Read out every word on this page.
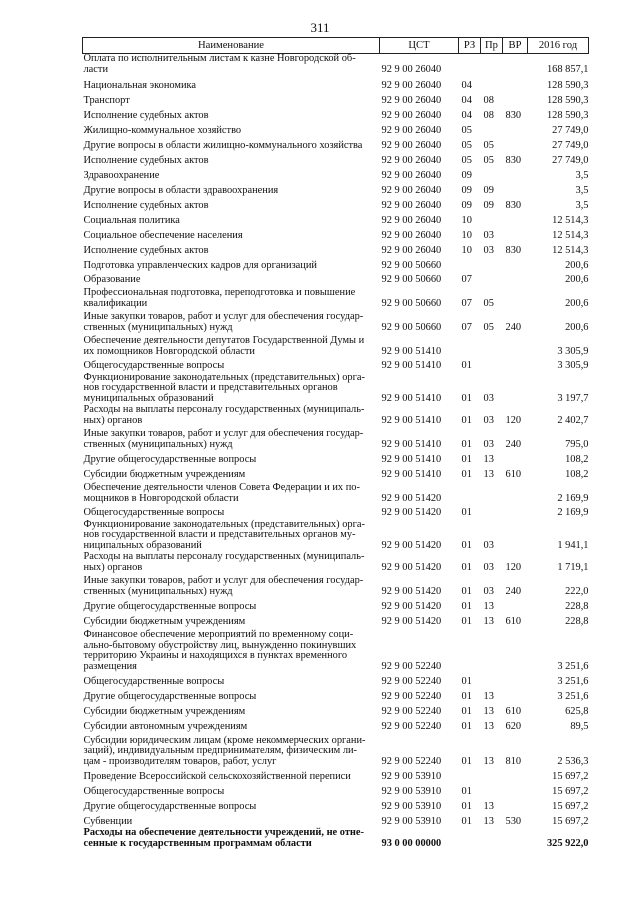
311
Наименование	ЦСТ	РЗ	Пр	ВР	2016 год

Оплата по исполнительным листам к казне Новгородской об-
ласти	92 9 00 26040				168 857,1

Национальная экономика	92 9 00 26040	04			128 590,3

Транспорт	92 9 00 26040	04	08		128 590,3

Исполнение судебных актов	92 9 00 26040	04	08	830	128 590,3

Жилищно-коммунальное хозяйство	92 9 00 26040	05			27 749,0

Другие вопросы в области жилищно-коммунального хозяйства	92 9 00 26040	05	05		27 749,0

Исполнение судебных актов	92 9 00 26040	05	05	830	27 749,0

Здравоохранение	92 9 00 26040	09			3,5

Другие вопросы в области здравоохранения	92 9 00 26040	09	09		3,5

Исполнение судебных актов	92 9 00 26040	09	09	830	3,5

Социальная политика	92 9 00 26040	10			12 514,3

Социальное обеспечение населения	92 9 00 26040	10	03		12 514,3

Исполнение судебных актов	92 9 00 26040	10	03	830	12 514,3

Подготовка управленческих кадров для организаций	92 9 00 50660				200,6

Образование	92 9 00 50660	07			200,6

Профессиональная подготовка, переподготовка и повышение
квалификации	92 9 00 50660	07	05		200,6

Иные закупки товаров, работ и услуг для обеспечения государ-
ственных (муниципальных) нужд	92 9 00 50660	07	05	240	200,6

Обеспечение деятельности депутатов Государственной Думы и
их помощников Новгородской области	92 9 00 51410				3 305,9

Общегосударственные вопросы	92 9 00 51410	01			3 305,9

Функционирование законодательных (представительных) орга-
нов государственной власти и представительных органов
муниципальных образований	92 9 00 51410	01	03		3 197,7

Расходы на выплаты персоналу государственных (муниципаль-
ных) органов	92 9 00 51410	01	03	120	2 402,7

Иные закупки товаров, работ и услуг для обеспечения государ-
ственных (муниципальных) нужд	92 9 00 51410	01	03	240	795,0

Другие общегосударственные вопросы	92 9 00 51410	01	13		108,2

Субсидии бюджетным учреждениям	92 9 00 51410	01	13	610	108,2

Обеспечение деятельности членов Совета Федерации и их по-
мощников в Новгородской области	92 9 00 51420				2 169,9

Общегосударственные вопросы	92 9 00 51420	01			2 169,9

Функционирование законодательных (представительных) орга-
нов государственной власти и представительных органов му-
ниципальных образований	92 9 00 51420	01	03		1 941,1

Расходы на выплаты персоналу государственных (муниципаль-
ных) органов	92 9 00 51420	01	03	120	1 719,1

Иные закупки товаров, работ и услуг для обеспечения государ-
ственных (муниципальных) нужд	92 9 00 51420	01	03	240	222,0

Другие общегосударственные вопросы	92 9 00 51420	01	13		228,8

Субсидии бюджетным учреждениям	92 9 00 51420	01	13	610	228,8

Финансовое обеспечение мероприятий по временному соци-
ально-бытовому обустройству лиц, вынужденно покинувших
территорию Украины и находящихся в пунктах временного
размещения	92 9 00 52240				3 251,6

Общегосударственные вопросы	92 9 00 52240	01			3 251,6

Другие общегосударственные вопросы	92 9 00 52240	01	13		3 251,6

Субсидии бюджетным учреждениям	92 9 00 52240	01	13	610	625,8

Субсидии автономным учреждениям	92 9 00 52240	01	13	620	89,5

Субсидии юридическим лицам (кроме некоммерческих органи-
заций), индивидуальным предпринимателям, физическим ли-
цам - производителям товаров, работ, услуг	92 9 00 52240	01	13	810	2 536,3

Проведение Всероссийской сельскохозяйственной переписи	92 9 00 53910				15 697,2

Общегосударственные вопросы	92 9 00 53910	01			15 697,2

Другие общегосударственные вопросы	92 9 00 53910	01	13		15 697,2

Субвенции	92 9 00 53910	01	13	530	15 697,2

Расходы на обеспечение деятельности учреждений, не отне-
сенные к государственным программам области	93 0 00 00000				325 922,0
